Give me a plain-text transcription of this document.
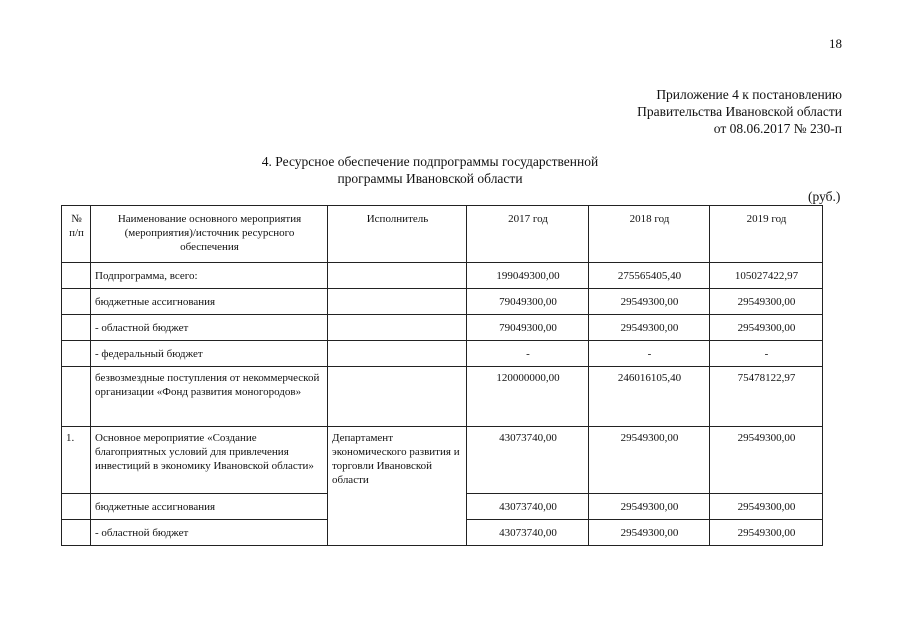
18
Приложение 4 к постановлению
Правительства Ивановской области
от 08.06.2017 № 230-п
4. Ресурсное обеспечение подпрограммы государственной
программы Ивановской области
(руб.)
№ п/п	Наименование основного мероприятия (мероприятия)/источник ресурсного обеспечения	Исполнитель	2017 год	2018 год	2019 год
	Подпрограмма, всего:		199049300,00	275565405,40	105027422,97
	бюджетные ассигнования		79049300,00	29549300,00	29549300,00
	- областной бюджет		79049300,00	29549300,00	29549300,00
	- федеральный бюджет		-	-	-
	безвозмездные поступления от некоммерческой организации «Фонд развития моногородов»		120000000,00	246016105,40	75478122,97
1.	Основное мероприятие «Создание благоприятных условий для привлечения инвестиций в экономику Ивановской области»	Департамент экономического развития и торговли Ивановской области	43073740,00	29549300,00	29549300,00
	бюджетные ассигнования		43073740,00	29549300,00	29549300,00
	- областной бюджет		43073740,00	29549300,00	29549300,00
